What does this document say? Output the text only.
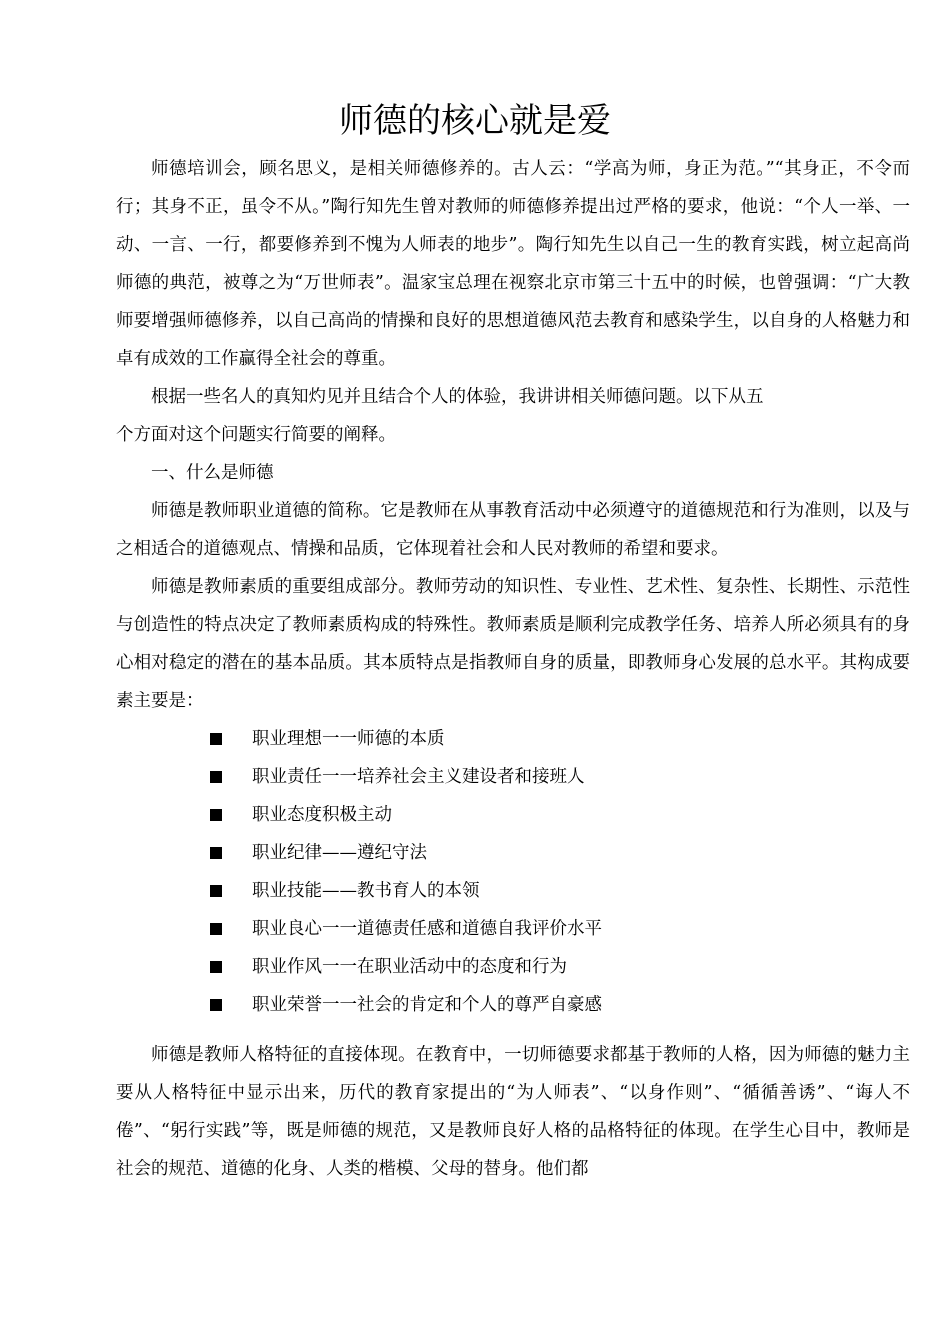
师德的核心就是爱

师德培训会，顾名思义，是相关师德修养的。古人云：“学高为师，身正为范。”“其身正，不令而行；其身不正，虽令不从。”陶行知先生曾对教师的师德修养提出过严格的要求，他说：“个人一举、一动、一言、一行，都要修养到不愧为人师表的地步”。陶行知先生以自己一生的教育实践，树立起高尚师德的典范，被尊之为“万世师表”。温家宝总理在视察北京市第三十五中的时候，也曾强调：“广大教师要增强师德修养，以自己高尚的情操和良好的思想道德风范去教育和感染学生，以自身的人格魅力和卓有成效的工作赢得全社会的尊重。

根据一些名人的真知灼见并且结合个人的体验，我讲讲相关师德问题。以下从五

个方面对这个问题实行简要的阐释。

一、什么是师德

师德是教师职业道德的简称。它是教师在从事教育活动中必须遵守的道德规范和行为准则，以及与之相适合的道德观点、情操和品质，它体现着社会和人民对教师的希望和要求。

师德是教师素质的重要组成部分。教师劳动的知识性、专业性、艺术性、复杂性、长期性、示范性与创造性的特点决定了教师素质构成的特殊性。教师素质是顺利完成教学任务、培养人所必须具有的身心相对稳定的潜在的基本品质。其本质特点是指教师自身的质量，即教师身心发展的总水平。其构成要素主要是：

职业理想一一师德的本质
职业责任一一培养社会主义建设者和接班人
职业态度积极主动
职业纪律——遵纪守法
职业技能——教书育人的本领
职业良心一一道德责任感和道德自我评价水平
职业作风一一在职业活动中的态度和行为
职业荣誉一一社会的肯定和个人的尊严自豪感

师德是教师人格特征的直接体现。在教育中，一切师德要求都基于教师的人格，因为师德的魅力主要从人格特征中显示出来，历代的教育家提出的“为人师表”、“以身作则”、“循循善诱”、“诲人不倦”、“躬行实践”等，既是师德的规范，又是教师良好人格的品格特征的体现。在学生心目中，教师是社会的规范、道德的化身、人类的楷模、父母的替身。他们都
